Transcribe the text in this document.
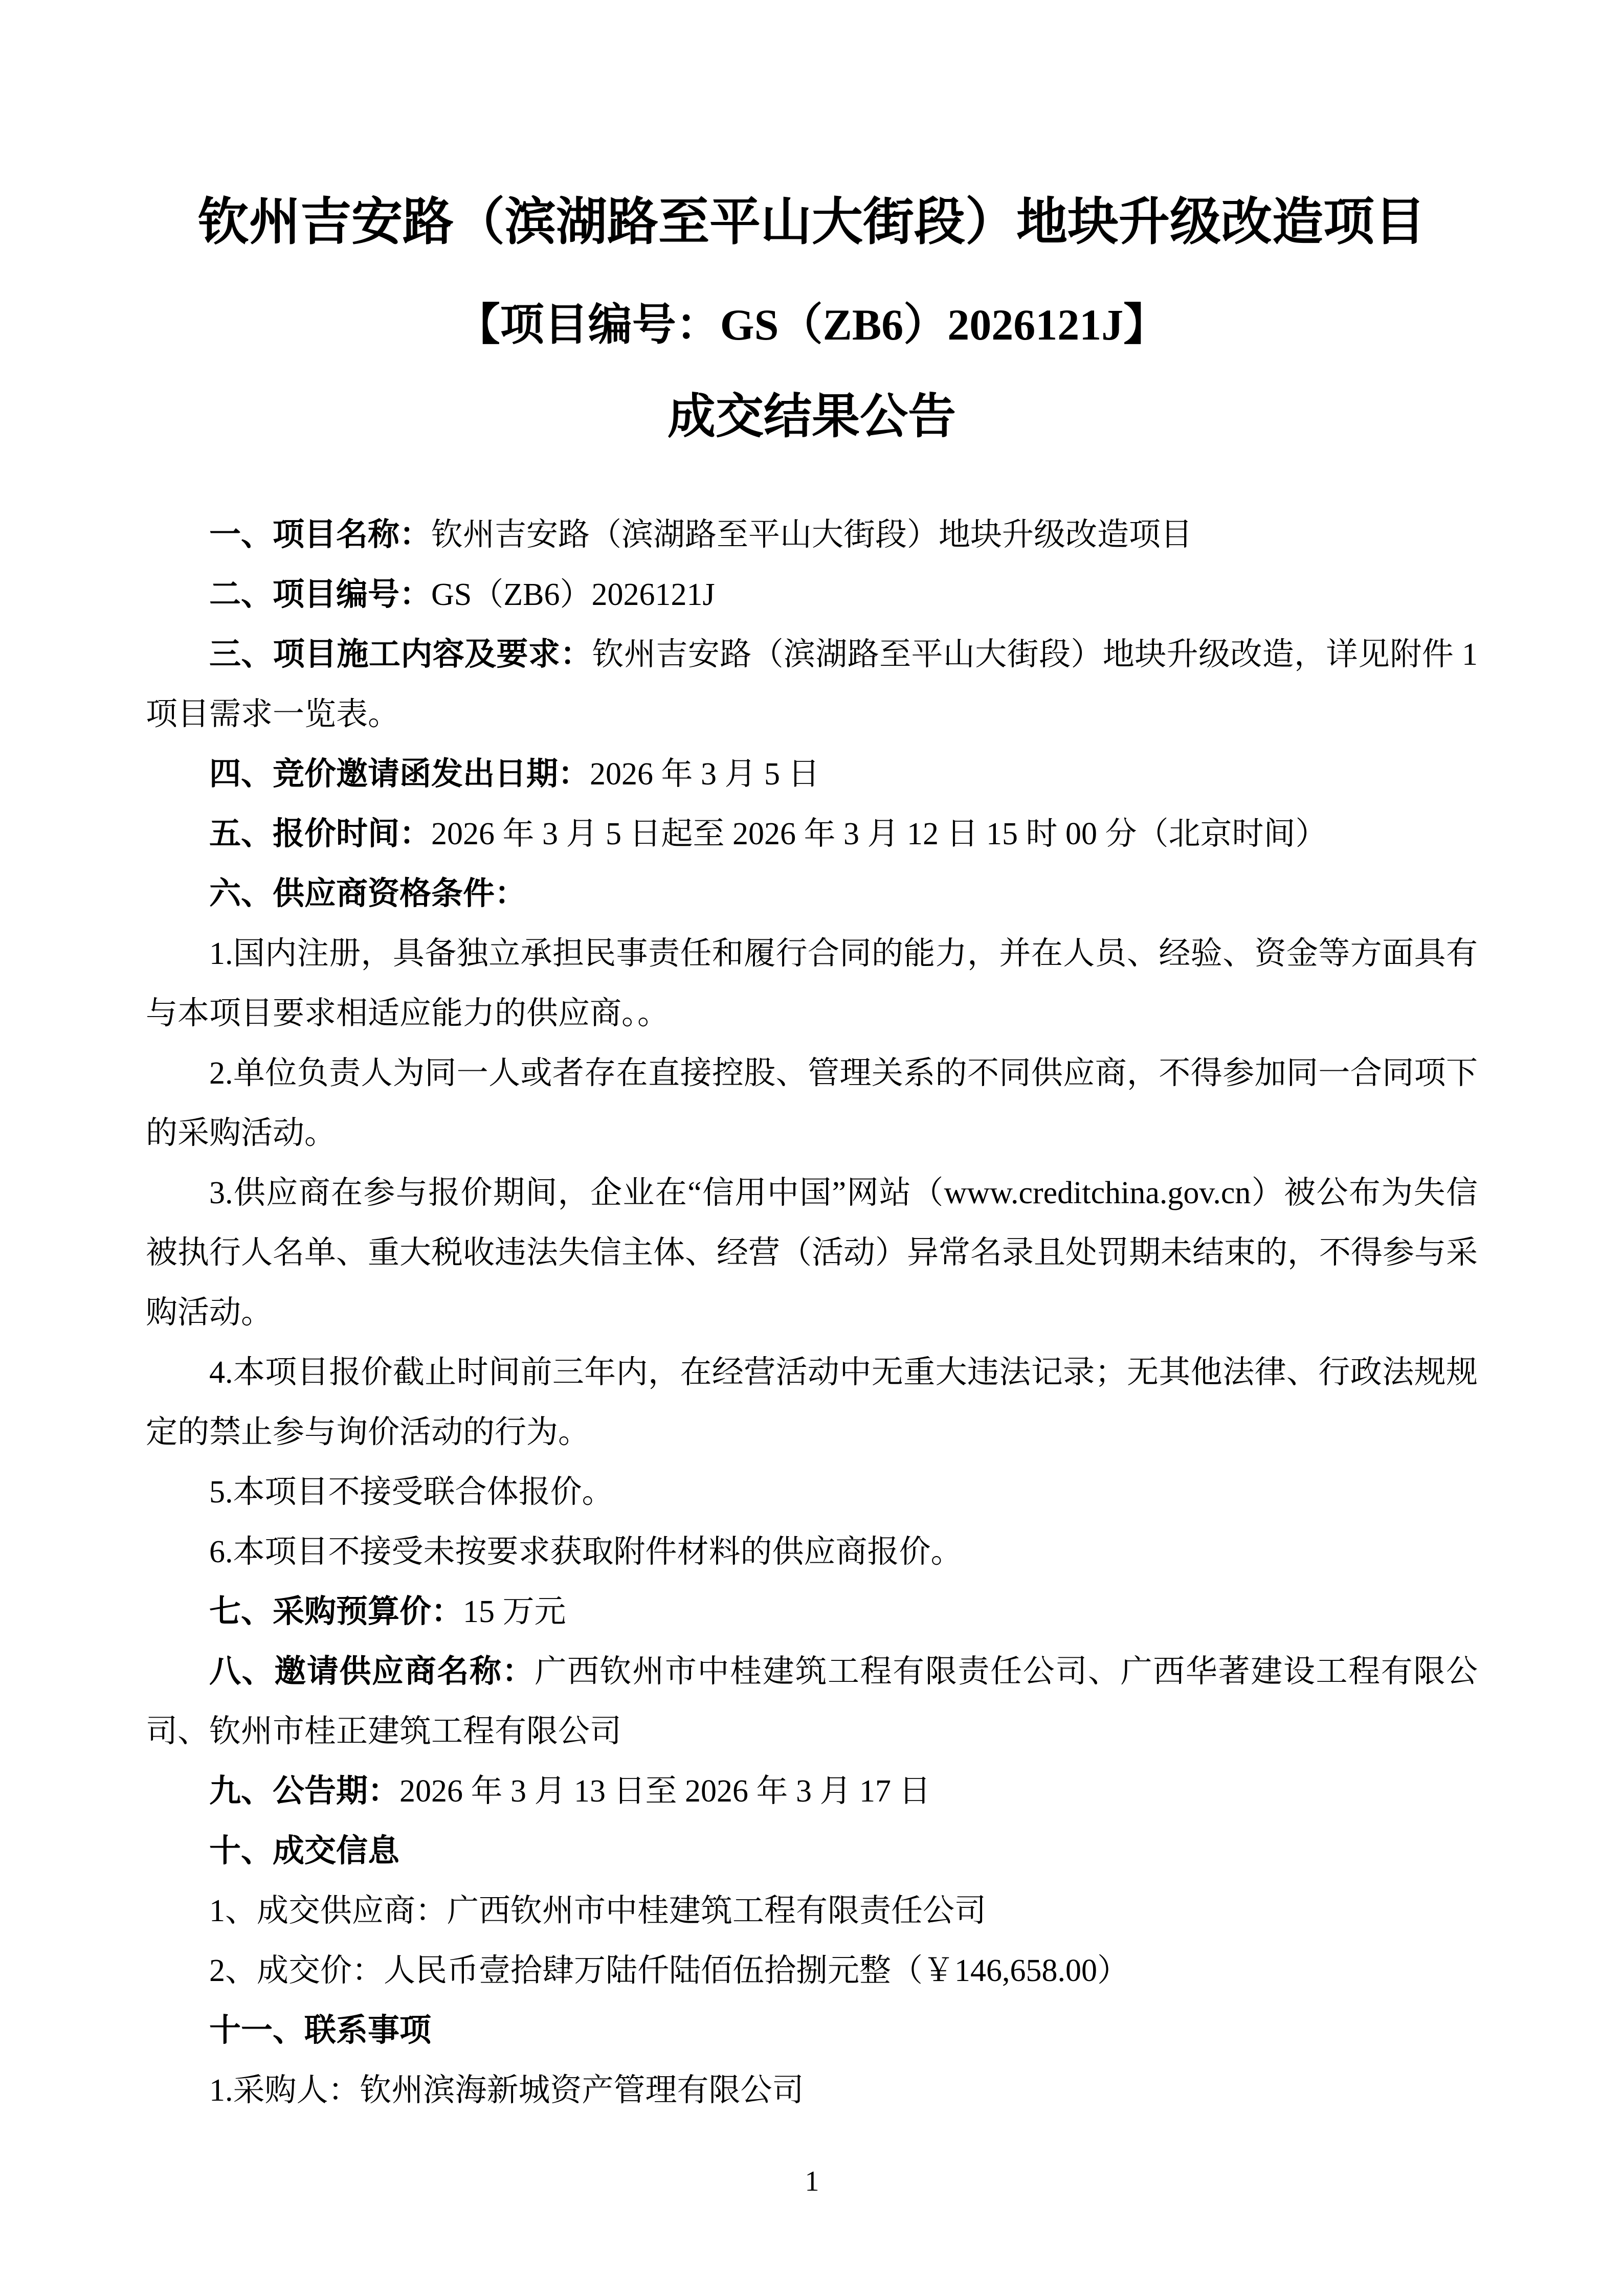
钦州吉安路（滨湖路至平山大街段）地块升级改造项目
【项目编号：GS（ZB6）2026121J】
成交结果公告

一、项目名称：钦州吉安路（滨湖路至平山大街段）地块升级改造项目

二、项目编号：GS（ZB6）2026121J

三、项目施工内容及要求：钦州吉安路（滨湖路至平山大街段）地块升级改造，详见附件 1 项目需求一览表。

四、竞价邀请函发出日期：2026 年 3 月 5 日

五、报价时间：2026 年 3 月 5 日起至 2026 年 3 月 12 日 15 时 00 分（北京时间）

六、供应商资格条件：

1.国内注册，具备独立承担民事责任和履行合同的能力，并在人员、经验、资金等方面具有与本项目要求相适应能力的供应商。。

2.单位负责人为同一人或者存在直接控股、管理关系的不同供应商，不得参加同一合同项下的采购活动。

3.供应商在参与报价期间，企业在“信用中国”网站（www.creditchina.gov.cn）被公布为失信被执行人名单、重大税收违法失信主体、经营（活动）异常名录且处罚期未结束的，不得参与采购活动。

4.本项目报价截止时间前三年内，在经营活动中无重大违法记录；无其他法律、行政法规规定的禁止参与询价活动的行为。

5.本项目不接受联合体报价。

6.本项目不接受未按要求获取附件材料的供应商报价。

七、采购预算价：15 万元

八、邀请供应商名称：广西钦州市中桂建筑工程有限责任公司、广西华著建设工程有限公司、钦州市桂正建筑工程有限公司

九、公告期：2026 年 3 月 13 日至 2026 年 3 月 17 日

十、成交信息

1、成交供应商：广西钦州市中桂建筑工程有限责任公司

2、成交价：人民币壹拾肆万陆仟陆佰伍拾捌元整（￥146,658.00）

十一、联系事项

1.采购人：钦州滨海新城资产管理有限公司

1
